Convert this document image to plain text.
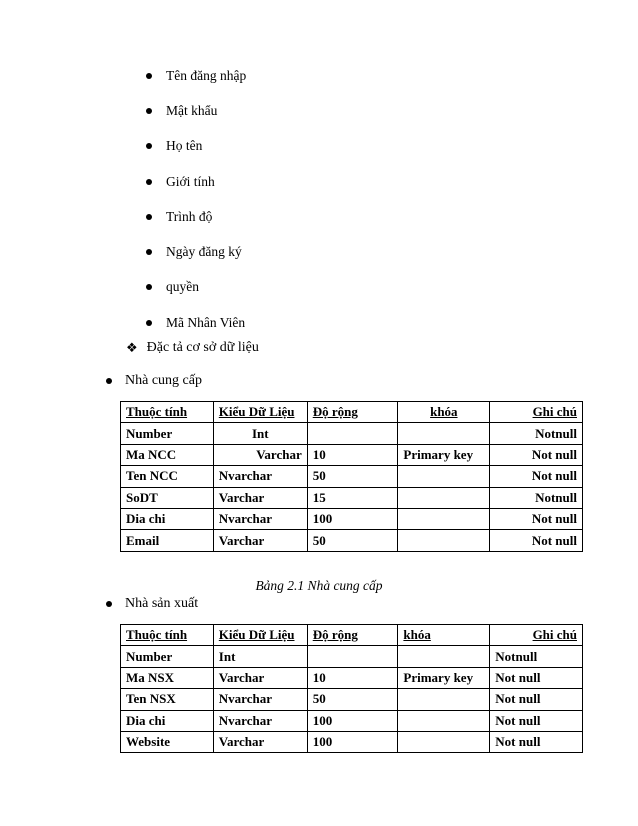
Tên đăng nhập
Mật khẩu
Họ tên
Giới tính
Trình độ
Ngày đăng ký
quyền
Mã Nhân Viên
❖ Đặc tả cơ sở dữ liệu
Nhà cung cấp
Thuộc tính	Kiểu Dữ Liệu	Độ rộng	khóa	Ghi chú
Number	Int			Notnull
Ma NCC	Varchar	10	Primary key	Not null
Ten NCC	Nvarchar	50		Not null
SoDT	Varchar	15		Notnull
Dia chi	Nvarchar	100		Not null
Email	Varchar	50		Not null
Bảng 2.1 Nhà cung cấp
Nhà sản xuất
Thuộc tính	Kiểu Dữ Liệu	Độ rộng	khóa	Ghi chú
Number	Int			Notnull
Ma NSX	Varchar	10	Primary key	Not null
Ten NSX	Nvarchar	50		Not null
Dia chi	Nvarchar	100		Not null
Website	Varchar	100		Not null
